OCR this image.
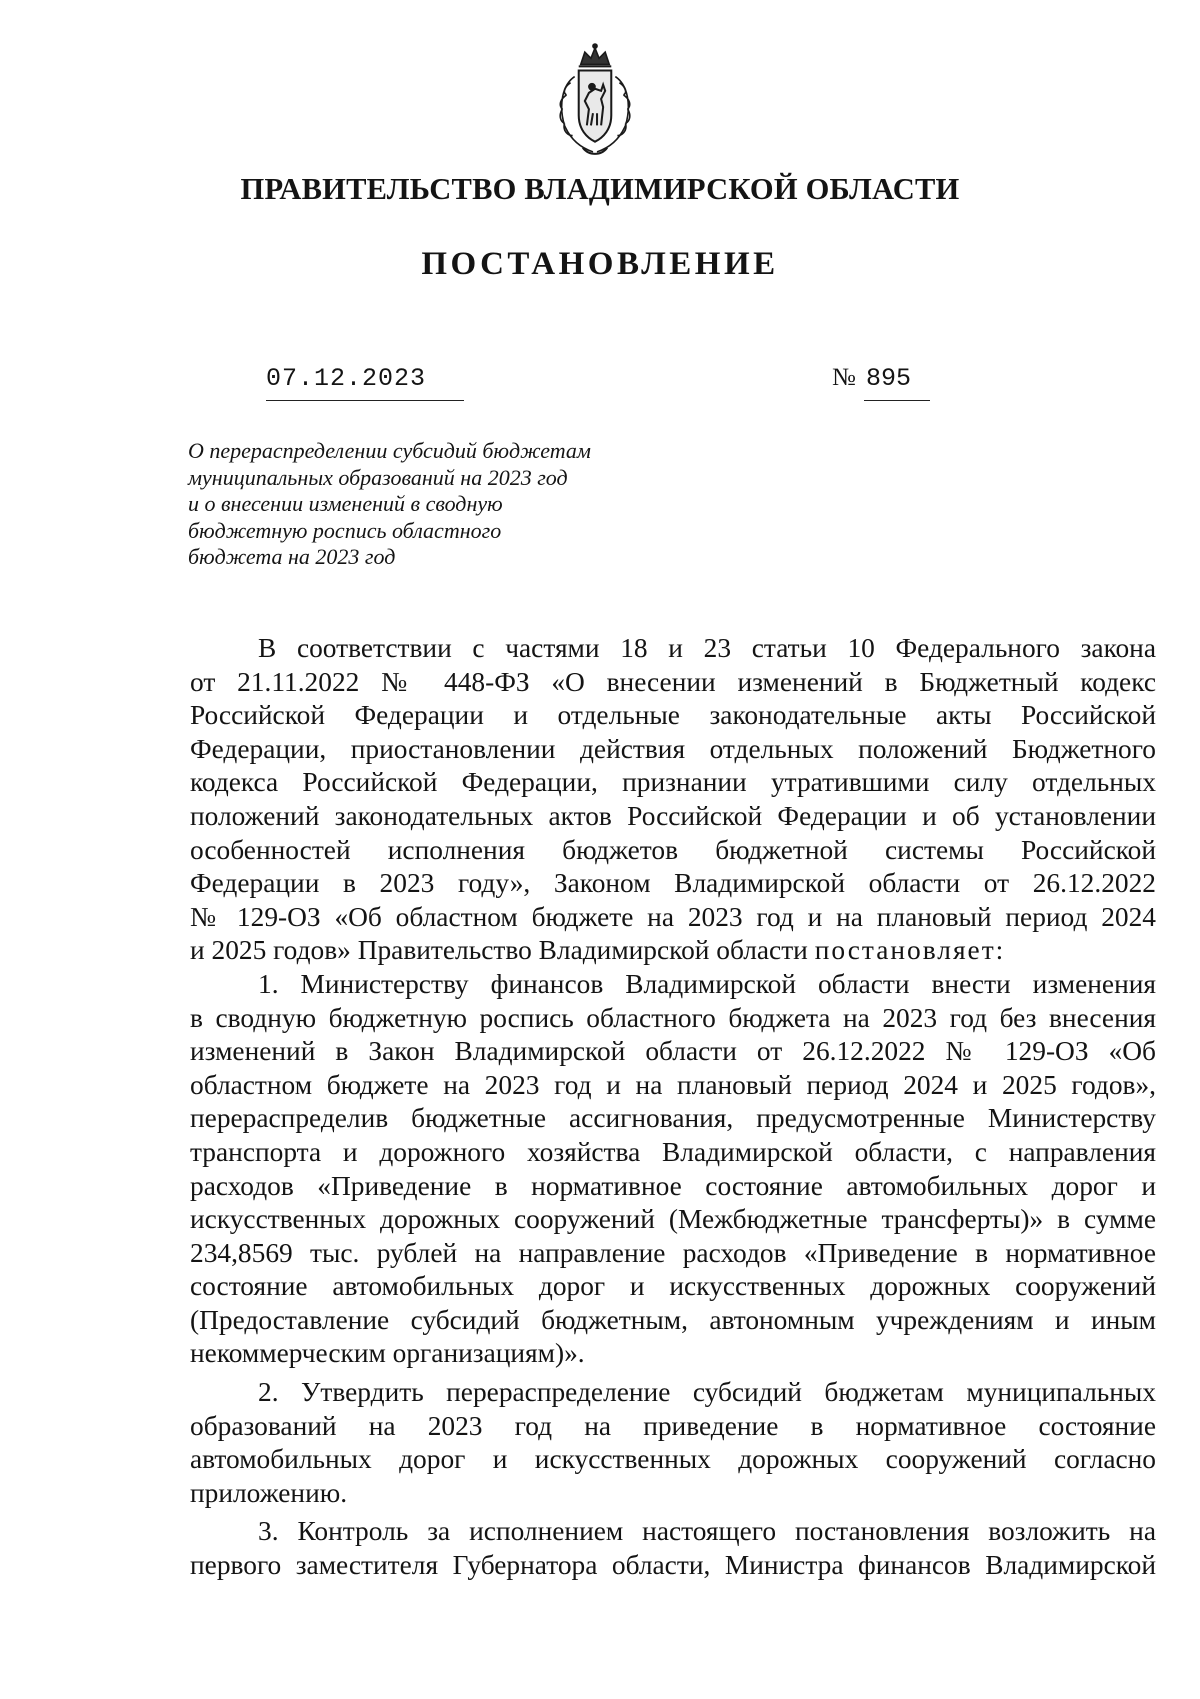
ПРАВИТЕЛЬСТВО ВЛАДИМИРСКОЙ ОБЛАСТИ
ПОСТАНОВЛЕНИЕ
07.12.2023	№ 895
О перераспределении субсидий бюджетам
муниципальных образований на 2023 год
и о внесении изменений в сводную
бюджетную роспись областного
бюджета на 2023 год
В соответствии с частями 18 и 23 статьи 10 Федерального закона
от 21.11.2022 № 448-ФЗ «О внесении изменений в Бюджетный кодекс
Российской Федерации и отдельные законодательные акты Российской
Федерации, приостановлении действия отдельных положений Бюджетного
кодекса Российской Федерации, признании утратившими силу отдельных
положений законодательных актов Российской Федерации и об установлении
особенностей исполнения бюджетов бюджетной системы Российской
Федерации в 2023 году», Законом Владимирской области от 26.12.2022
№ 129-ОЗ «Об областном бюджете на 2023 год и на плановый период 2024
и 2025 годов» Правительство Владимирской области постановляет:
1. Министерству финансов Владимирской области внести изменения
в сводную бюджетную роспись областного бюджета на 2023 год без внесения
изменений в Закон Владимирской области от 26.12.2022 № 129-ОЗ «Об
областном бюджете на 2023 год и на плановый период 2024 и 2025 годов»,
перераспределив бюджетные ассигнования, предусмотренные Министерству
транспорта и дорожного хозяйства Владимирской области, с направления
расходов «Приведение в нормативное состояние автомобильных дорог и
искусственных дорожных сооружений (Межбюджетные трансферты)» в сумме
234,8569 тыс. рублей на направление расходов «Приведение в нормативное
состояние автомобильных дорог и искусственных дорожных сооружений
(Предоставление субсидий бюджетным, автономным учреждениям и иным
некоммерческим организациям)».
2. Утвердить перераспределение субсидий бюджетам муниципальных
образований на 2023 год на приведение в нормативное состояние
автомобильных дорог и искусственных дорожных сооружений согласно
приложению.
3. Контроль за исполнением настоящего постановления возложить на
первого заместителя Губернатора области, Министра финансов Владимирской
